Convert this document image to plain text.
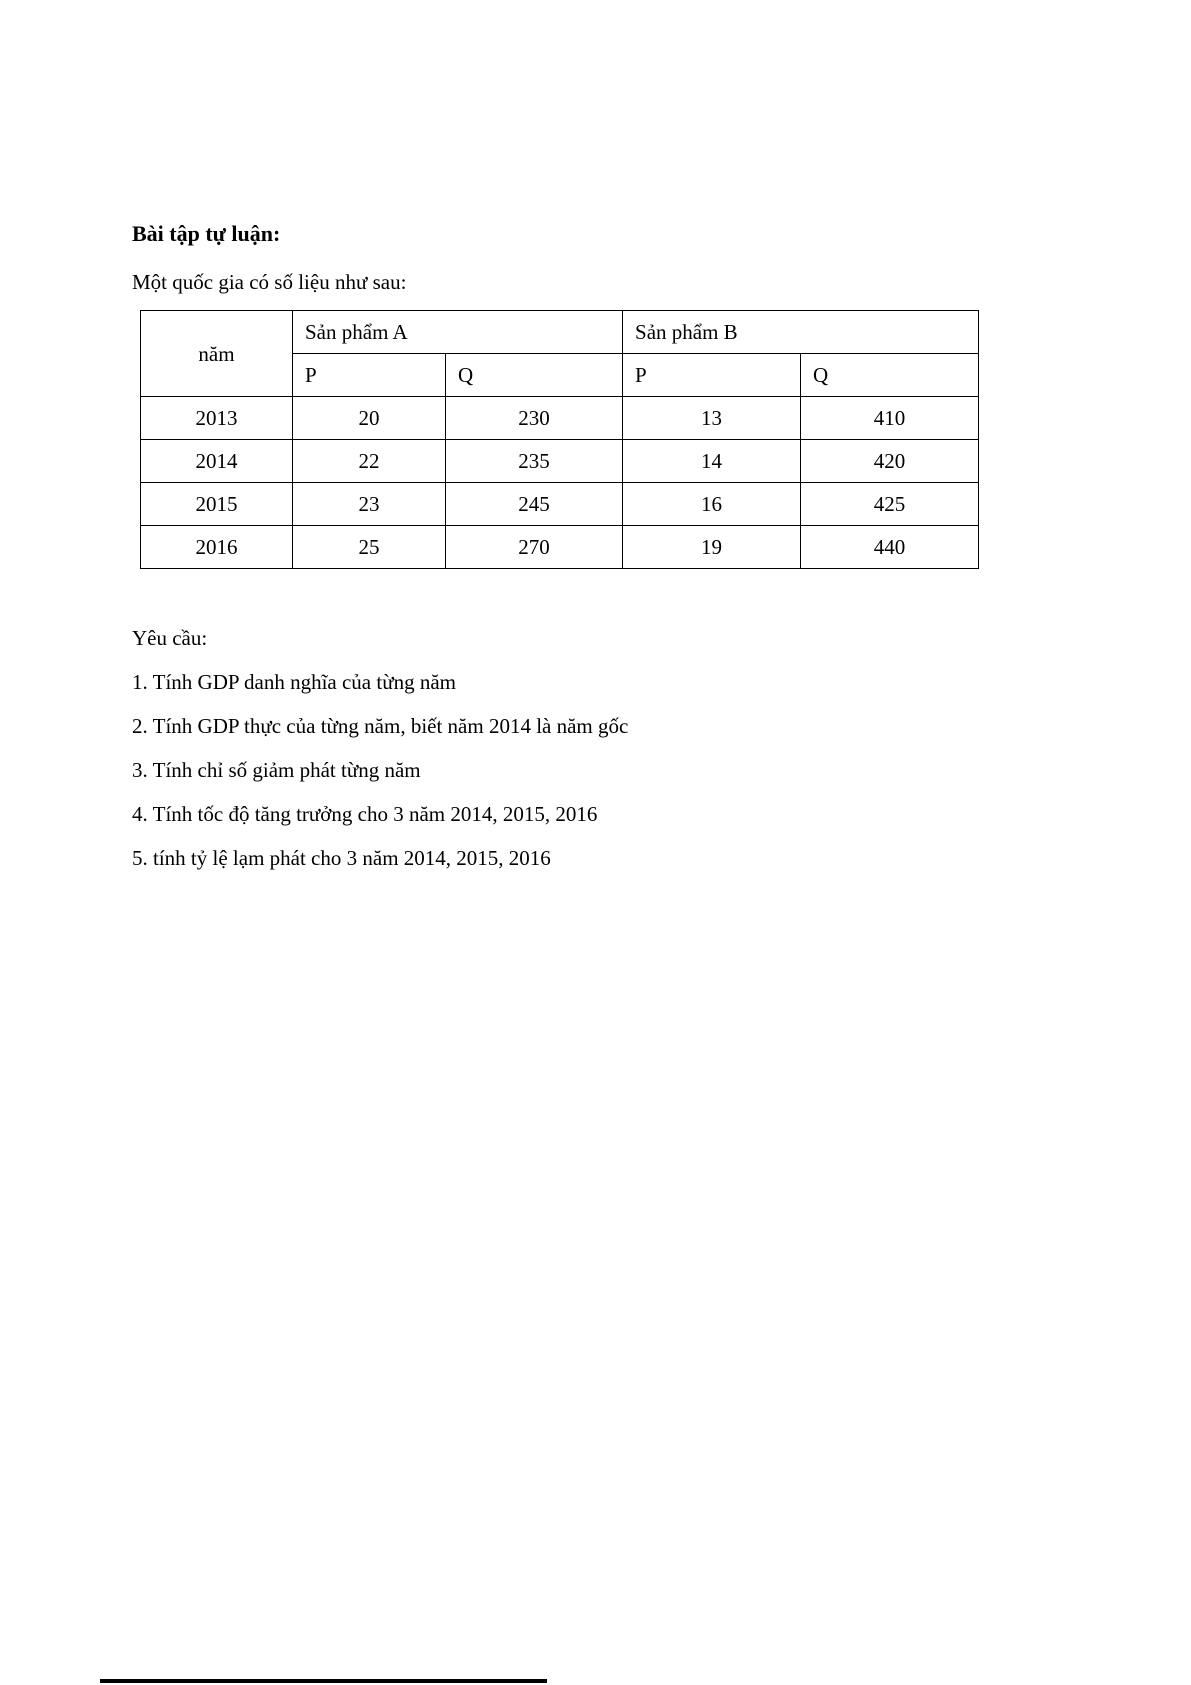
Bài tập tự luận:

Một quốc gia có số liệu như sau:

năm	Sản phẩm A		Sản phẩm B	
	P	Q	P	Q
2013	20	230	13	410
2014	22	235	14	420
2015	23	245	16	425
2016	25	270	19	440

Yêu cầu:

1. Tính GDP danh nghĩa của từng năm

2. Tính GDP thực của từng năm, biết năm 2014 là năm gốc

3. Tính chỉ số giảm phát từng năm

4. Tính tốc độ tăng trưởng cho 3 năm 2014, 2015, 2016

5. tính tỷ lệ lạm phát cho 3 năm 2014, 2015, 2016
